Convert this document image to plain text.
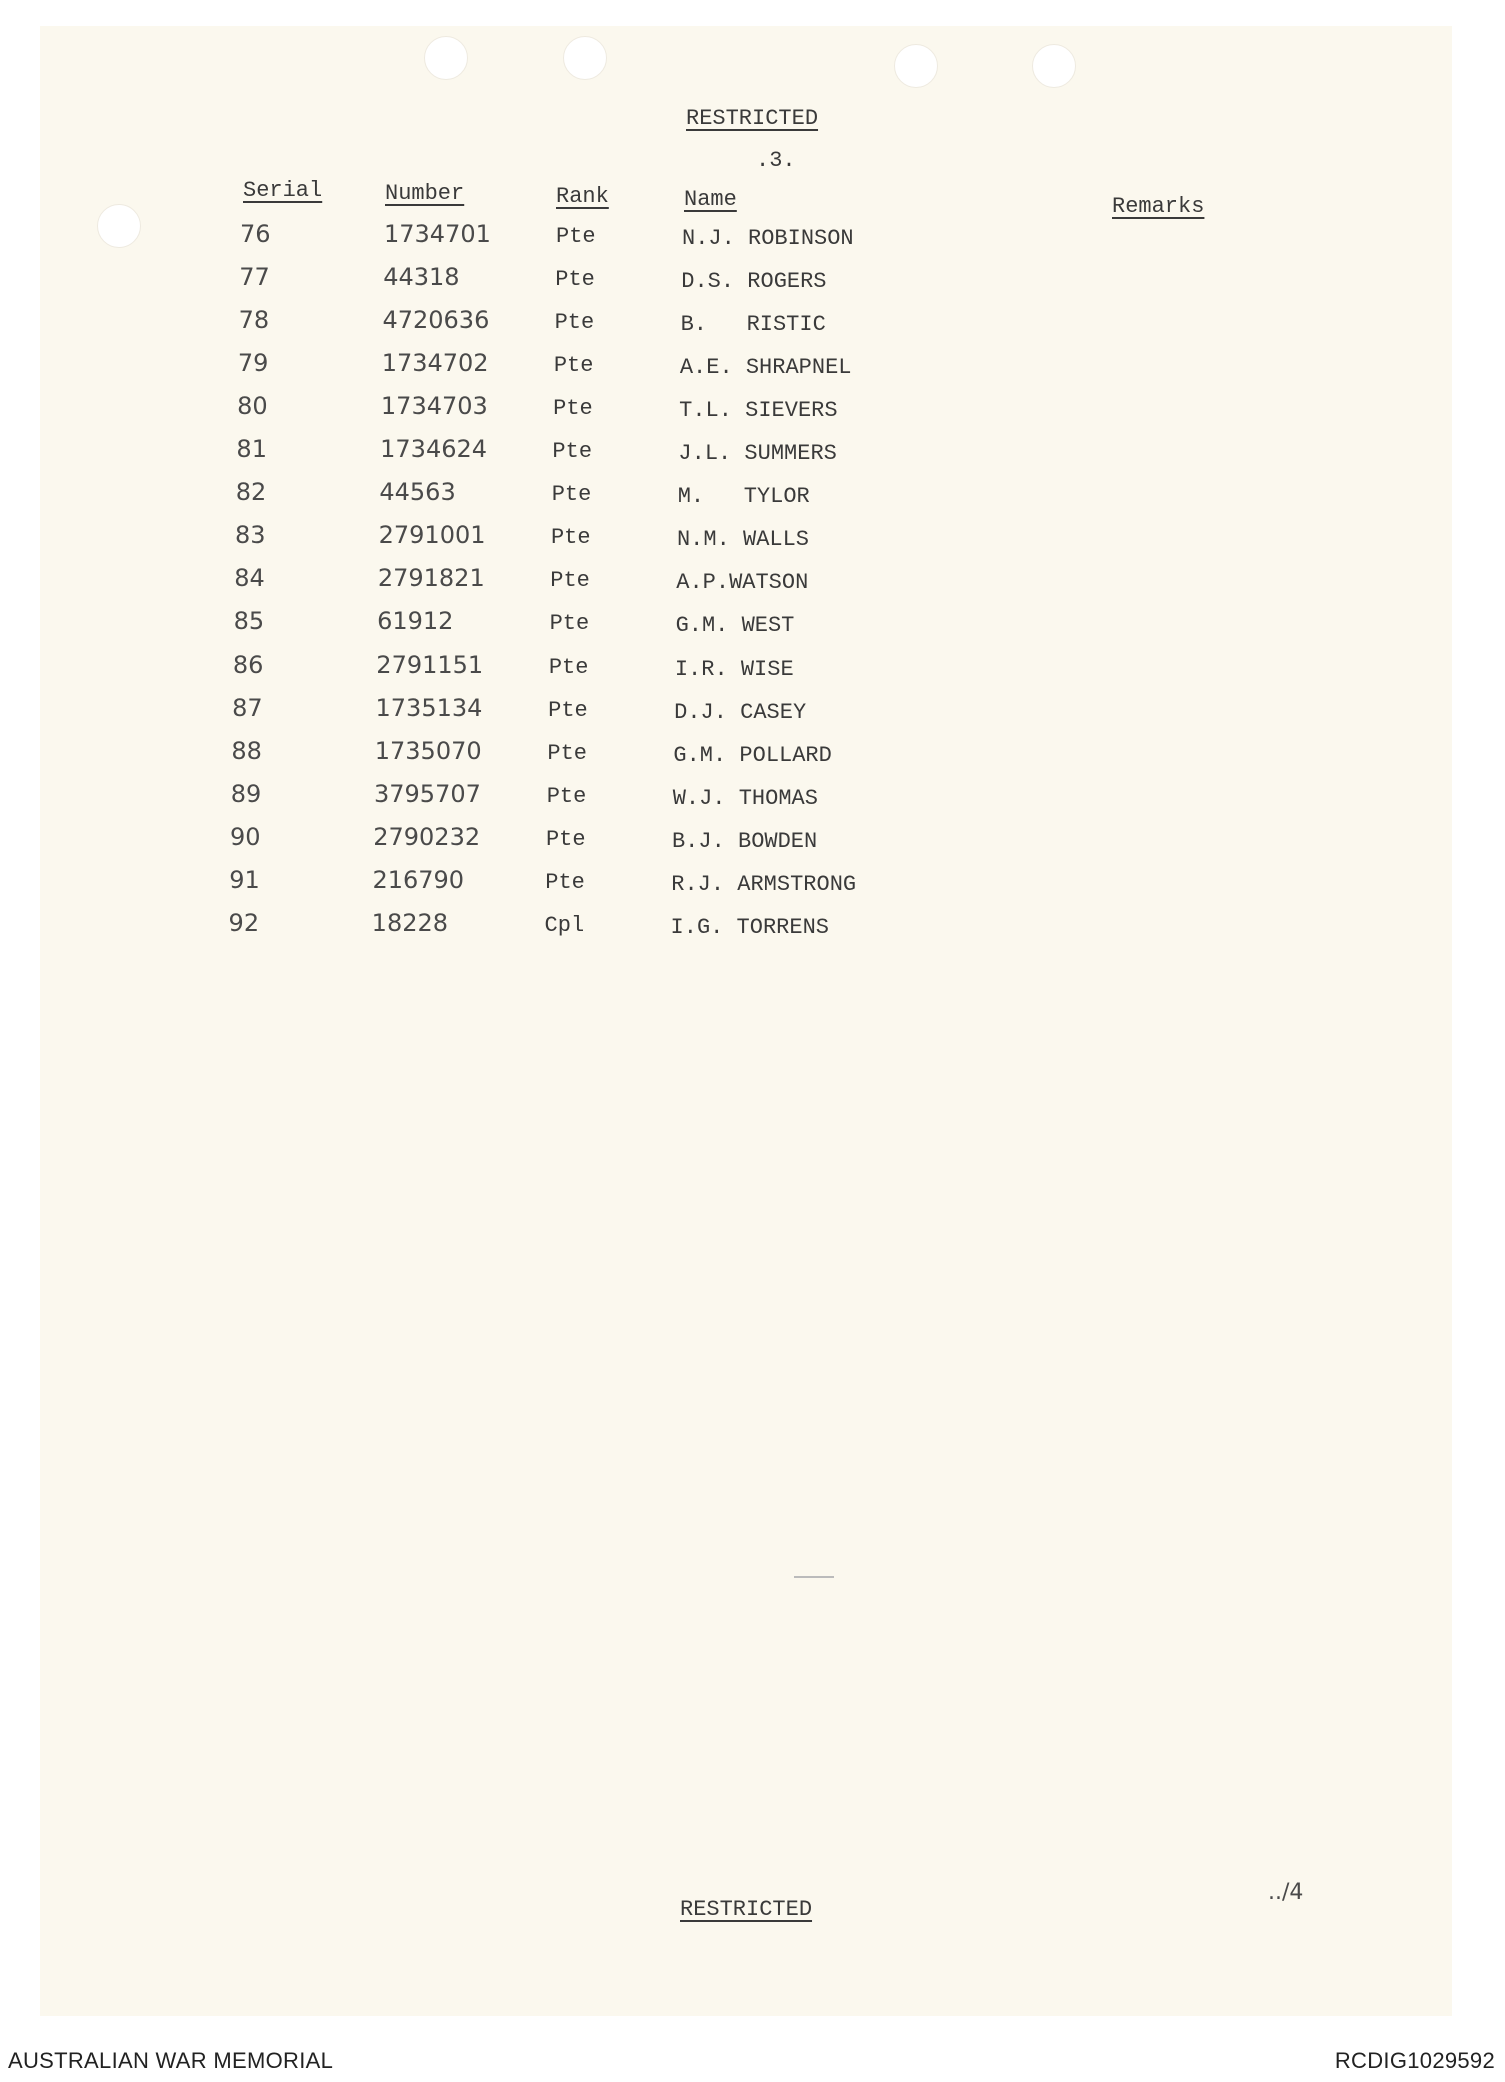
RESTRICTED
.3.
Serial	Number	Rank	Name	Remarks
76	1734701	Pte	N.J. ROBINSON
77	44318	Pte	D.S. ROGERS
78	4720636	Pte	B.   RISTIC
79	1734702	Pte	A.E. SHRAPNEL
80	1734703	Pte	T.L. SIEVERS
81	1734624	Pte	J.L. SUMMERS
82	44563	Pte	M.   TYLOR
83	2791001	Pte	N.M. WALLS
84	2791821	Pte	A.P.WATSON
85	61912	Pte	G.M. WEST
86	2791151	Pte	I.R. WISE
87	1735134	Pte	D.J. CASEY
88	1735070	Pte	G.M. POLLARD
89	3795707	Pte	W.J. THOMAS
90	2790232	Pte	B.J. BOWDEN
91	216790	Pte	R.J. ARMSTRONG
92	18228	Cpl	I.G. TORRENS
RESTRICTED
../4
AUSTRALIAN WAR MEMORIAL	RCDIG1029592
